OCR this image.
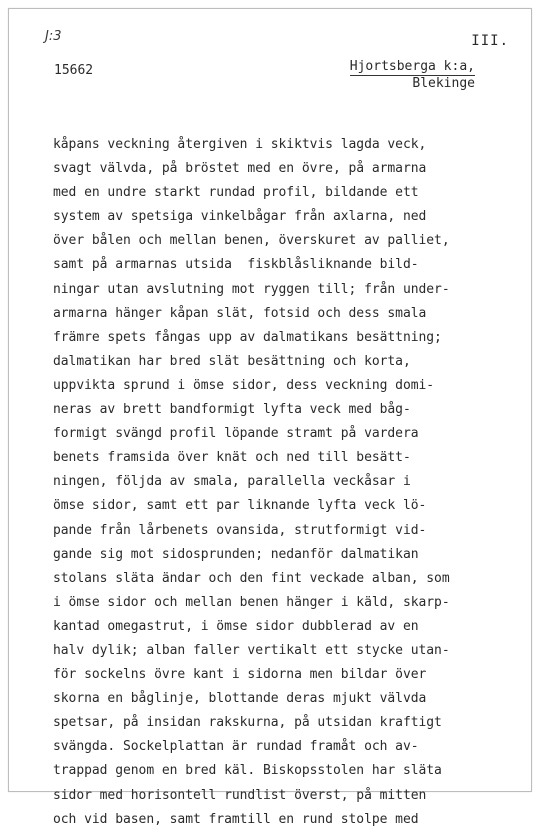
J:3	III.
15662	Hjortsberga k:a,
Blekinge
kåpans veckning återgiven i skiktvis lagda veck,
svagt välvda, på bröstet med en övre, på armarna
med en undre starkt rundad profil, bildande ett
system av spetsiga vinkelbågar från axlarna, ned
över bålen och mellan benen, överskuret av palliet,
samt på armarnas utsida  fiskblåsliknande bild-
ningar utan avslutning mot ryggen till; från under-
armarna hänger kåpan slät, fotsid och dess smala
främre spets fångas upp av dalmatikans besättning;
dalmatikan har bred slät besättning och korta,
uppvikta sprund i ömse sidor, dess veckning domi-
neras av brett bandformigt lyfta veck med båg-
formigt svängd profil löpande stramt på vardera
benets framsida över knät och ned till besätt-
ningen, följda av smala, parallella veckåsar i
ömse sidor, samt ett par liknande lyfta veck lö-
pande från lårbenets ovansida, strutformigt vid-
gande sig mot sidosprunden; nedanför dalmatikan
stolans släta ändar och den fint veckade alban, som
i ömse sidor och mellan benen hänger i käld, skarp-
kantad omegastrut, i ömse sidor dubblerad av en
halv dylik; alban faller vertikalt ett stycke utan-
för sockelns övre kant i sidorna men bildar över
skorna en båglinje, blottande deras mjukt välvda
spetsar, på insidan rakskurna, på utsidan kraftigt
svängda. Sockelplattan är rundad framåt och av-
trappad genom en bred käl. Biskopsstolen har släta
sidor med horisontell rundlist överst, på mitten
och vid basen, samt framtill en rund stolpe med
